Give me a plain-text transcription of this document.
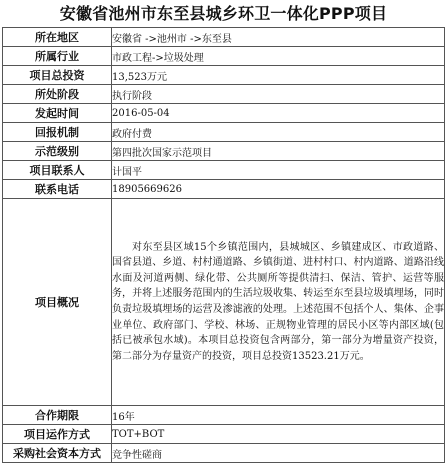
安徽省池州市东至县城乡环卫一体化PPP项目
所在地区	安徽省 ->池州市 ->东至县
所属行业	市政工程->垃圾处理
项目总投资	13,523万元
所处阶段	执行阶段
发起时间	2016-05-04
回报机制	政府付费
示范级别	第四批次国家示范项目
项目联系人	计国平
联系电话	18905669626
项目概况	对东至县区域15个乡镇范围内，县城城区、乡镇建成区、市政道路、国省县道、乡道、村村通道路、乡镇街道、进村村口、村内道路、道路沿线水面及河道两侧、绿化带、公共厕所等提供清扫、保洁、管护、运营等服务，并将上述服务范围内的生活垃圾收集、转运至东至县垃圾填埋场，同时负责垃圾填埋场的运营及渗滤液的处理。上述范围不包括个人、集体、企事业单位、政府部门、学校、林场、正规物业管理的居民小区等内部区域(包括已被承包水域)。本项目总投资包含两部分，第一部分为增量资产投资，第二部分为存量资产的投资，项目总投资13523.21万元。
合作期限	16年
项目运作方式	TOT+BOT
采购社会资本方式	竞争性磋商
